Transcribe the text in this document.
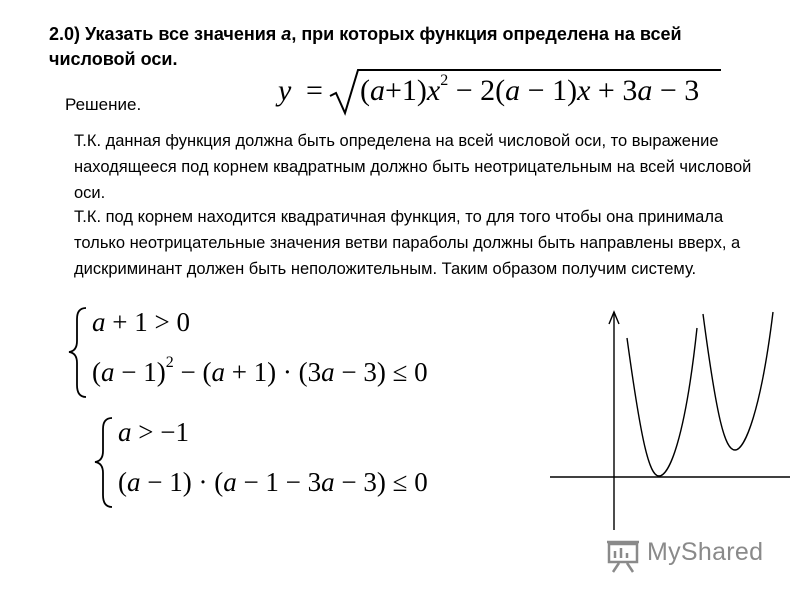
2.0) Указать все значения a, при которых функция определена на всей числовой оси.
$y = (a+1)x^2 - 2(a - 1)x + 3a - 3$
Решение.
Т.К. данная функция должна быть определена на всей числовой оси, то выражение находящееся под корнем квадратным должно быть неотрицательным на всей числовой оси.
Т.К. под корнем находится квадратичная функция, то для того чтобы она принимала только неотрицательные значения ветви параболы должны быть направлены вверх, а дискриминант должен быть неположительным. Таким образом получим систему.
a + 1 > 0
$(a - 1)^2 - (a + 1) \cdot (3a - 3) \le 0$
a > −1
(a − 1) · (a − 1 − 3a − 3) ≤ 0
MyShared
